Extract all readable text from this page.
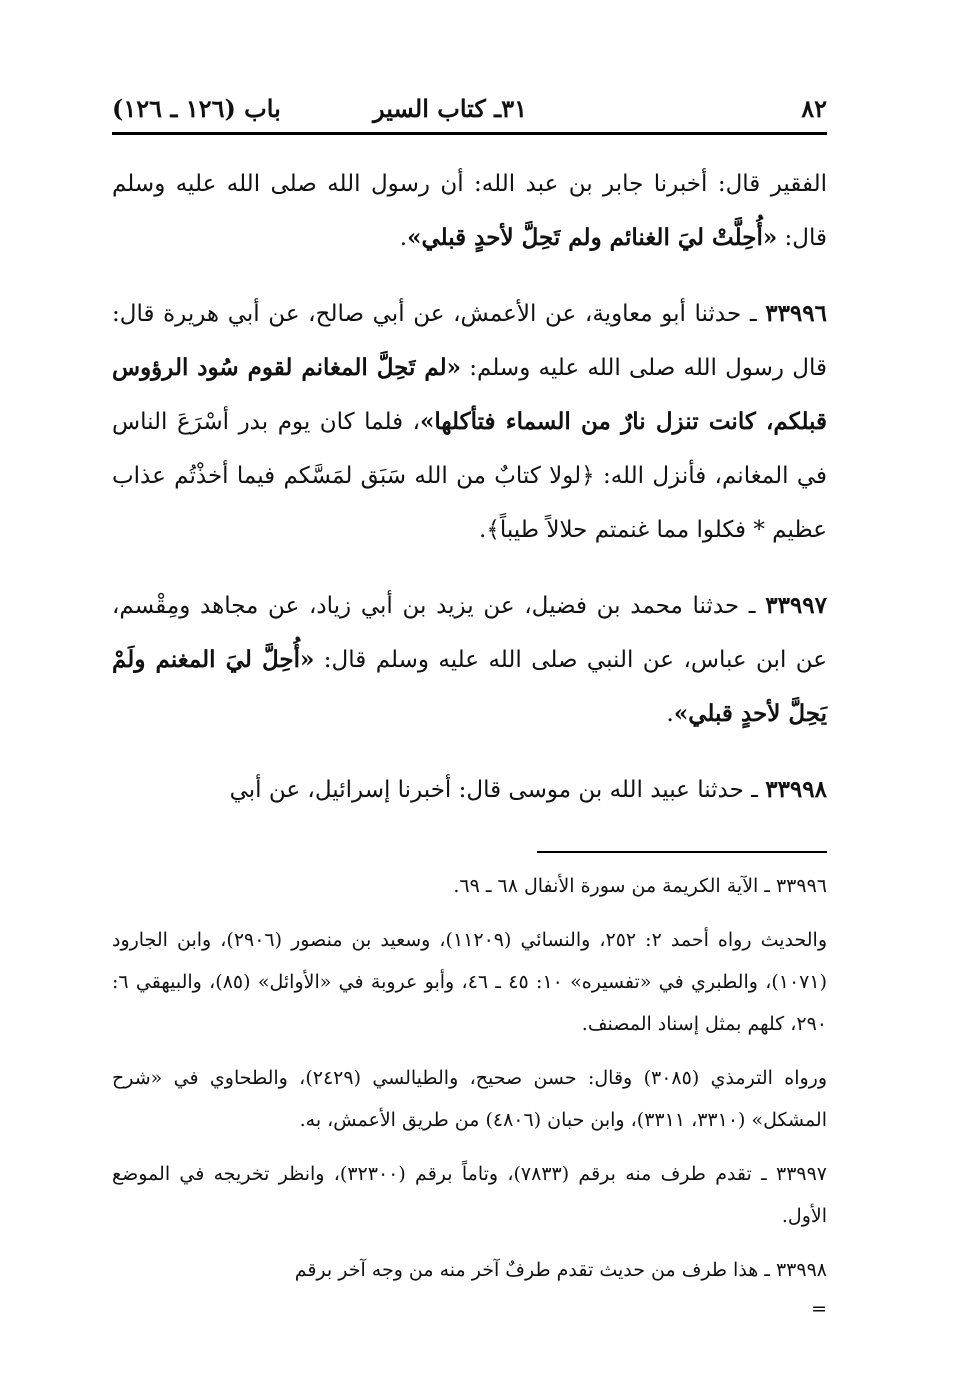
٨٢
٣١ـ كتاب السير
باب (١٢٦ ـ ١٢٦)

الفقير قال: أخبرنا جابر بن عبد الله: أن رسول الله صلى الله عليه وسلم قال: «أُحِلَّتْ ليَ الغنائم ولم تَحِلَّ لأحدٍ قبلي».

٣٣٩٩٦ ـ حدثنا أبو معاوية، عن الأعمش، عن أبي صالح، عن أبي هريرة قال: قال رسول الله صلى الله عليه وسلم: «لم تَحِلَّ المغانم لقوم سُود الرؤوس قبلكم، كانت تنزل نارٌ من السماء فتأكلها»، فلما كان يوم بدر أسْرَعَ الناس في المغانم، فأنزل الله: ﴿لولا كتابٌ من الله سَبَق لمَسَّكم فيما أخذْتُم عذاب عظيم * فكلوا مما غنمتم حلالاً طيباً﴾.

٣٣٩٩٧ ـ حدثنا محمد بن فضيل، عن يزيد بن أبي زياد، عن مجاهد ومِقْسم، عن ابن عباس، عن النبي صلى الله عليه وسلم قال: «أُحِلَّ ليَ المغنم ولَمْ يَحِلَّ لأحدٍ قبلي».

٣٣٩٩٨ ـ حدثنا عبيد الله بن موسى قال: أخبرنا إسرائيل، عن أبي

٣٣٩٩٦ ـ الآية الكريمة من سورة الأنفال ٦٨ ـ ٦٩.

والحديث رواه أحمد ٢: ٢٥٢، والنسائي (١١٢٠٩)، وسعيد بن منصور (٢٩٠٦)، وابن الجارود (١٠٧١)، والطبري في «تفسيره» ١٠: ٤٥ ـ ٤٦، وأبو عروبة في «الأوائل» (٨٥)، والبيهقي ٦: ٢٩٠، كلهم بمثل إسناد المصنف.

ورواه الترمذي (٣٠٨٥) وقال: حسن صحيح، والطيالسي (٢٤٢٩)، والطحاوي في «شرح المشكل» (٣٣١٠، ٣٣١١)، وابن حبان (٤٨٠٦) من طريق الأعمش، به.

٣٣٩٩٧ ـ تقدم طرف منه برقم (٧٨٣٣)، وتاماً برقم (٣٢٣٠٠)، وانظر تخريجه في الموضع الأول.

٣٣٩٩٨ ـ هذا طرف من حديث تقدم طرفٌ آخر منه من وجه آخر برقم

=
